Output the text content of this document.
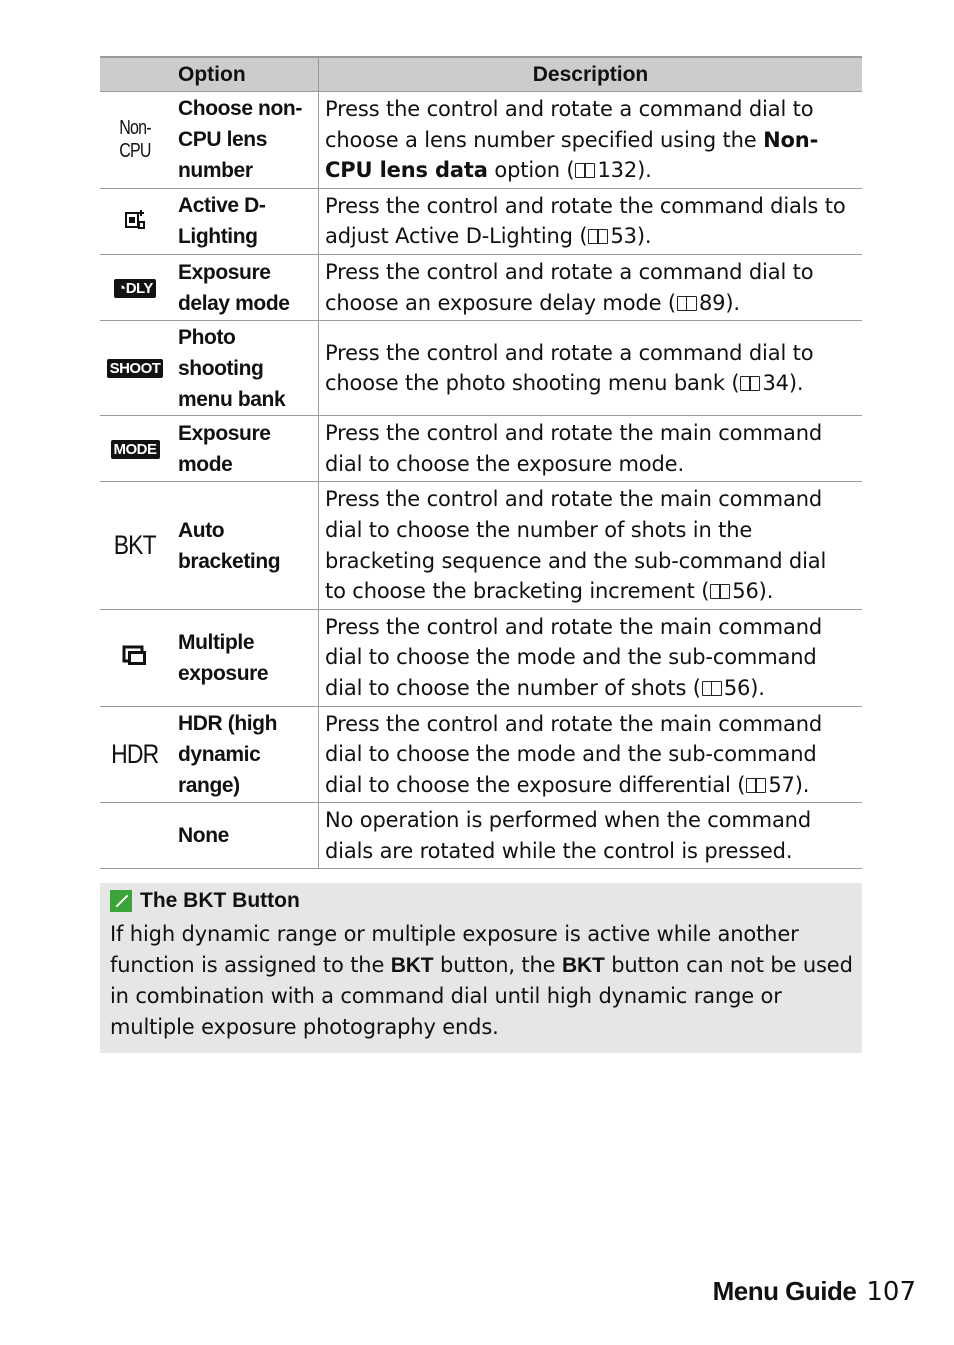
Option		Description
Non-CPU	Choose non-CPU lens number	Press the control and rotate a command dial to choose a lens number specified using the Non-CPU lens data option ( 132).
	Active D-Lighting	Press the control and rotate the command dials to adjust Active D-Lighting ( 53).
◔DLY	Exposure delay mode	Press the control and rotate a command dial to choose an exposure delay mode ( 89).
SHOOT	Photo shooting menu bank	Press the control and rotate a command dial to choose the photo shooting menu bank ( 34).
MODE	Exposure mode	Press the control and rotate the main command dial to choose the exposure mode.
BKT	Auto bracketing	Press the control and rotate the main command dial to choose the number of shots in the bracketing sequence and the sub-command dial to choose the bracketing increment ( 56).
	Multiple exposure	Press the control and rotate the main command dial to choose the mode and the sub-command dial to choose the number of shots ( 56).
HDR	HDR (high dynamic range)	Press the control and rotate the main command dial to choose the mode and the sub-command dial to choose the exposure differential ( 57).
	None	No operation is performed when the command dials are rotated while the control is pressed.
The BKT Button
If high dynamic range or multiple exposure is active while another function is assigned to the BKT button, the BKT button can not be used in combination with a command dial until high dynamic range or multiple exposure photography ends.
Menu Guide 107
